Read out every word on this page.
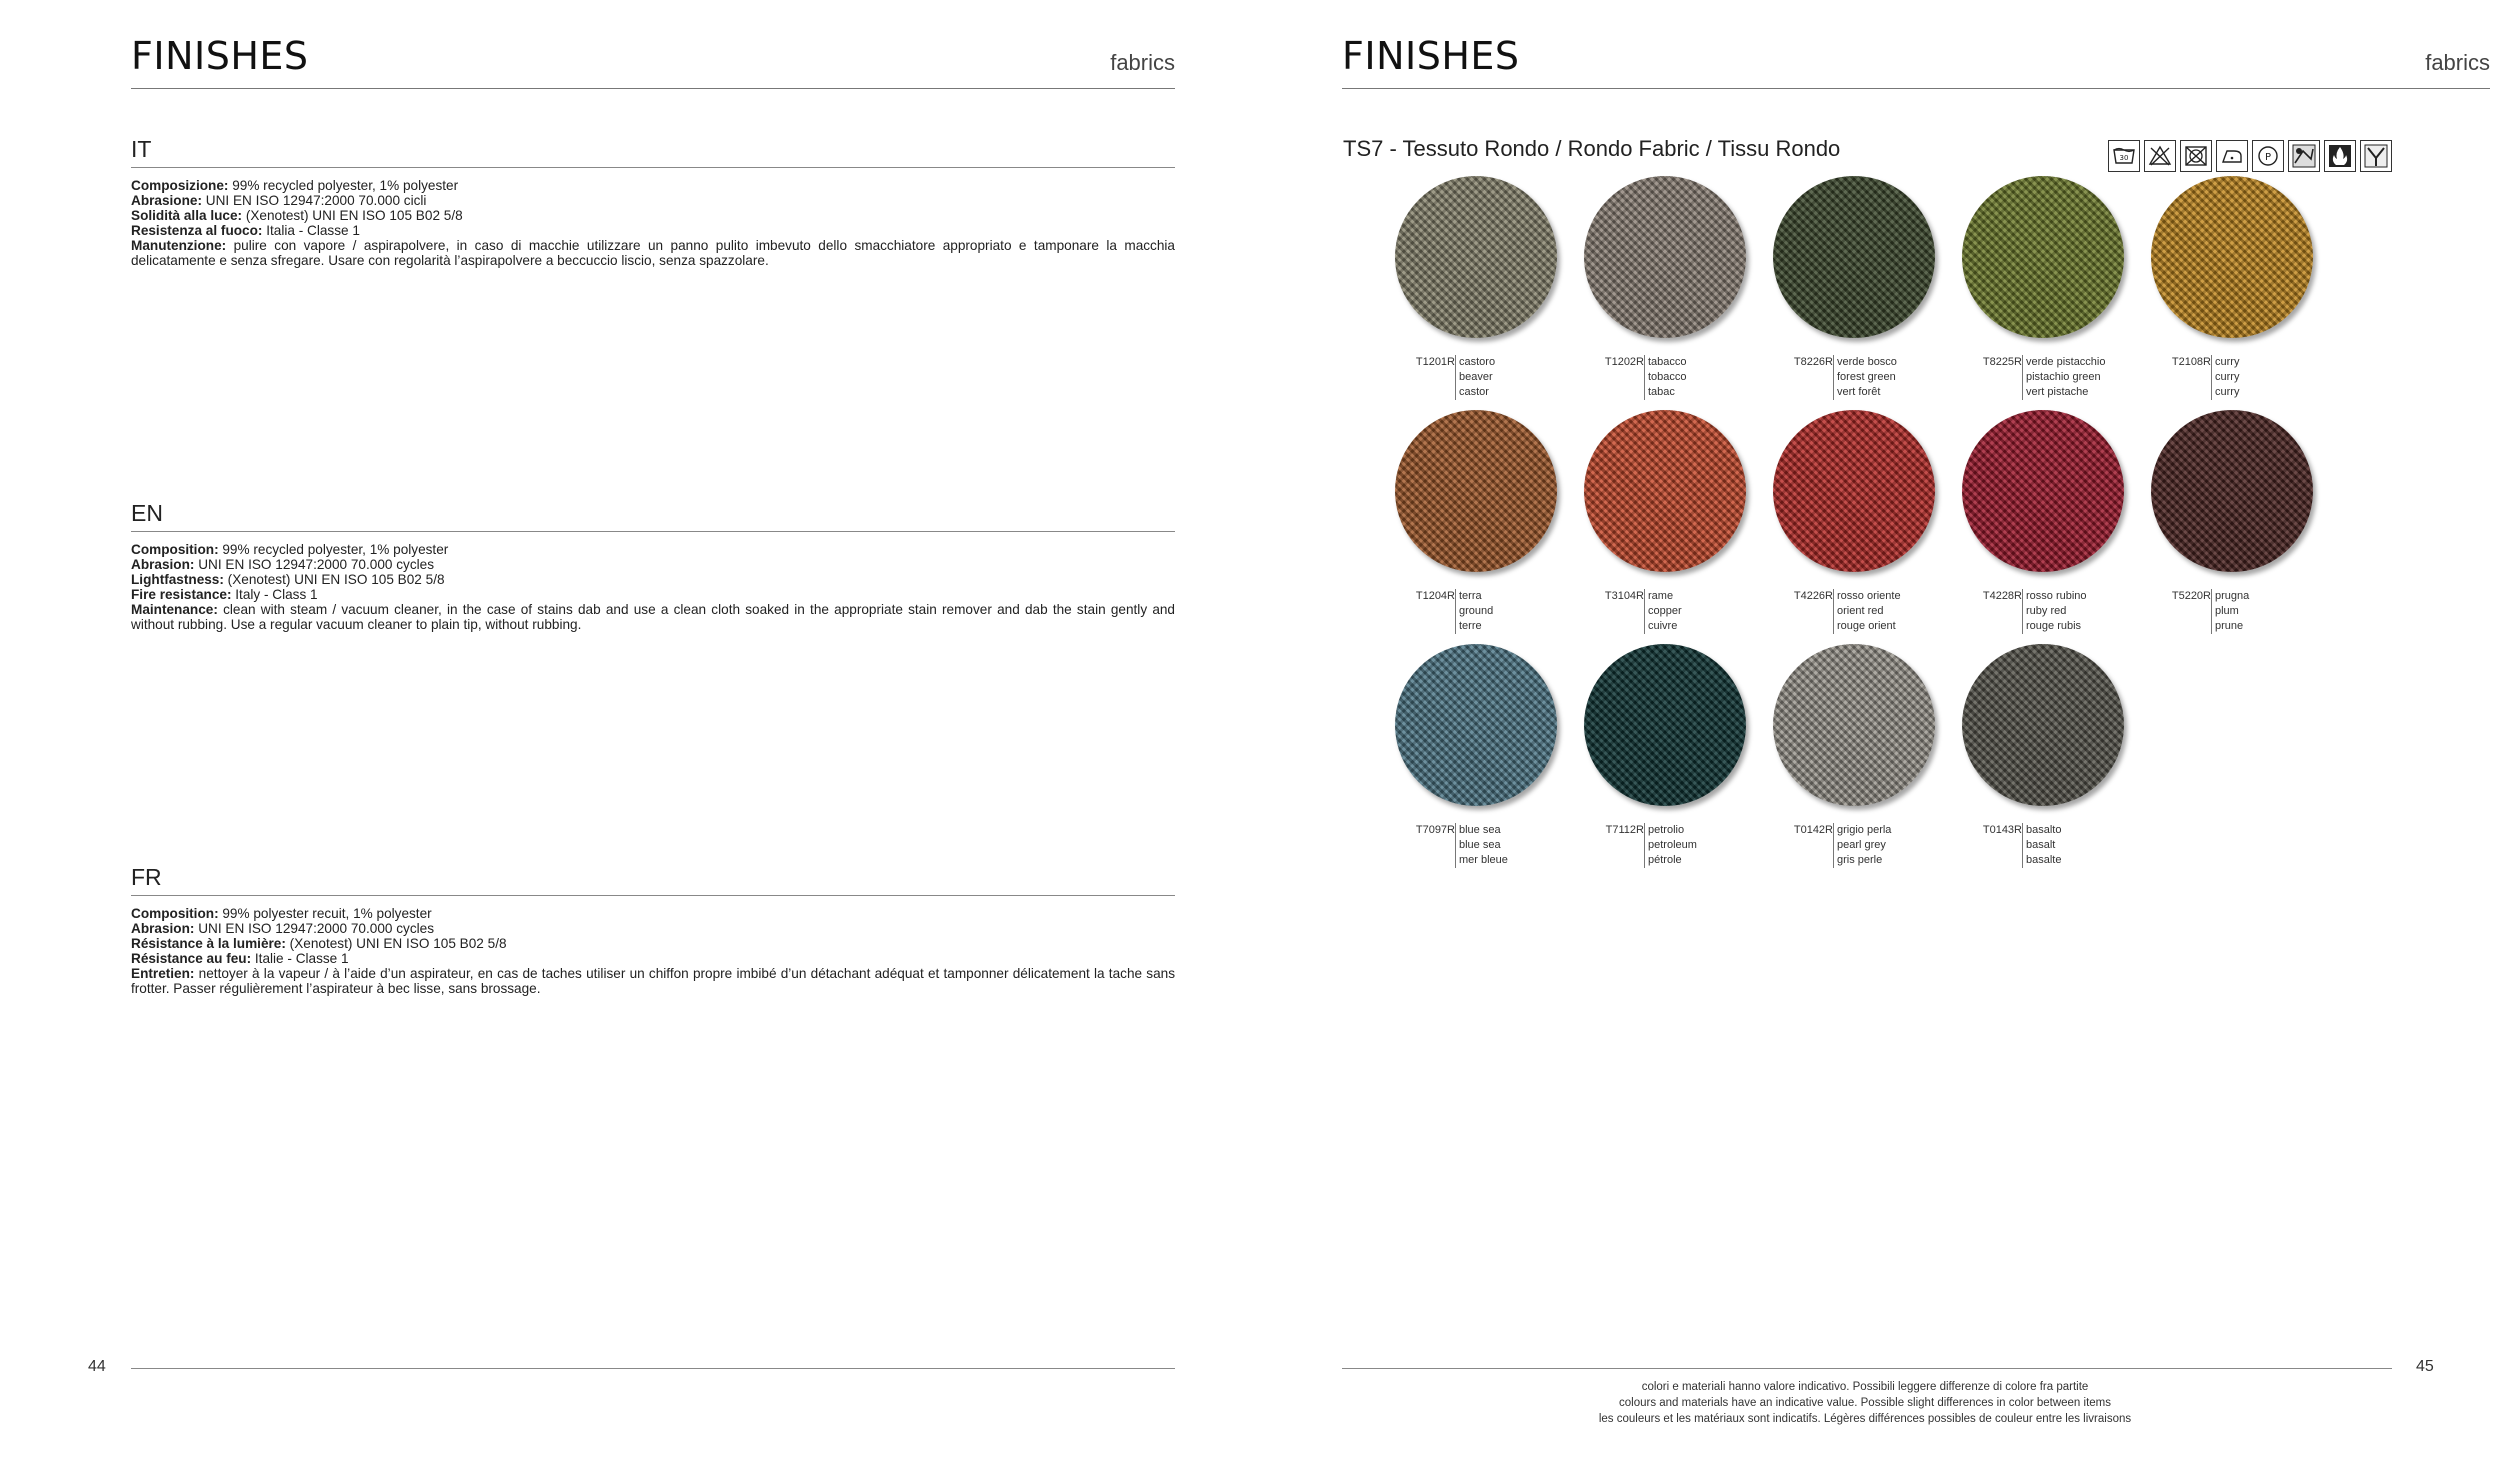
FINISHES	fabrics
IT
Composizione: 99% recycled polyester, 1% polyester
Abrasione: UNI EN ISO 12947:2000 70.000 cicli
Solidità alla luce: (Xenotest) UNI EN ISO 105 B02 5/8
Resistenza al fuoco: Italia - Classe 1
Manutenzione: pulire con vapore / aspirapolvere, in caso di macchie utilizzare un panno pulito imbevuto dello smacchiatore appropriato e tamponare la macchia delicatamente e senza sfregare. Usare con regolarità l’aspirapolvere a beccuccio liscio, senza spazzolare.
EN
Composition: 99% recycled polyester, 1% polyester
Abrasion: UNI EN ISO 12947:2000 70.000 cycles
Lightfastness: (Xenotest) UNI EN ISO 105 B02 5/8
Fire resistance: Italy - Class 1
Maintenance: clean with steam / vacuum cleaner, in the case of stains dab and use a clean cloth soaked in the appropriate stain remover and dab the stain gently and without rubbing. Use a regular vacuum cleaner to plain tip, without rubbing.
FR
Composition: 99% polyester recuit, 1% polyester
Abrasion: UNI EN ISO 12947:2000 70.000 cycles
Résistance à la lumière: (Xenotest) UNI EN ISO 105 B02 5/8
Résistance au feu: Italie - Classe 1
Entretien: nettoyer à la vapeur / à l’aide d’un aspirateur, en cas de taches utiliser un chiffon propre imbibé d’un détachant adéquat et tamponner délicatement la tache sans frotter. Passer régulièrement l’aspirateur à bec lisse, sans brossage.
44
FINISHES	fabrics
45
TS7 - Tessuto Rondo / Rondo Fabric / Tissu Rondo	30	P
T1201R castoro
beaver
castor
T1202R tabacco
tobacco
tabac
T8226R verde bosco
forest green
vert forêt
T8225R verde pistacchio
pistachio green
vert pistache
T2108R curry
curry
curry
T1204R terra
ground
terre
T3104R rame
copper
cuivre
T4226R rosso oriente
orient red
rouge orient
T4228R rosso rubino
ruby red
rouge rubis
T5220R prugna
plum
prune
T7097R blue sea
blue sea
mer bleue
T7112R petrolio
petroleum
pétrole
T0142R grigio perla
pearl grey
gris perle
T0143R basalto
basalt
basalte
colori e materiali hanno valore indicativo. Possibili leggere differenze di colore fra partite
colours and materials have an indicative value. Possible slight differences in color between items
les couleurs et les matériaux sont indicatifs. Légères différences possibles de couleur entre les livraisons
